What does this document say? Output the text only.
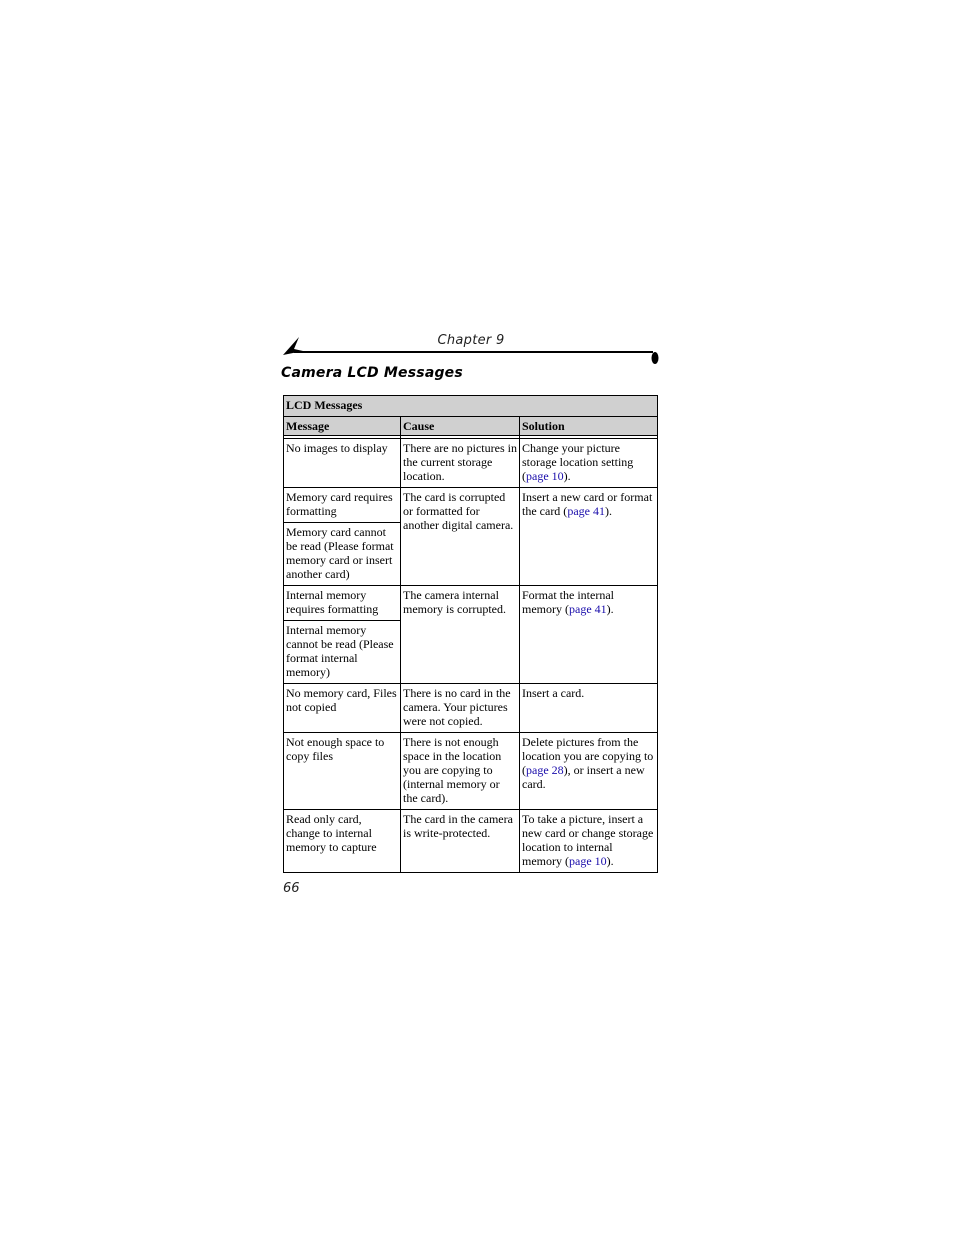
Chapter 9
Camera LCD Messages
LCD Messages		
Message	Cause	Solution

No images to display	There are no pictures in the current storage location.	Change your picture storage location setting (page 10).
Memory card requires formatting	The card is corrupted or formatted for another digital camera.	Insert a new card or format the card (page 41).
Memory card cannot be read (Please format memory card or insert another card)		
Internal memory requires formatting	The camera internal memory is corrupted.	Format the internal memory (page 41).
Internal memory cannot be read (Please format internal memory)		
No memory card, Files not copied	There is no card in the camera. Your pictures were not copied.	Insert a card.
Not enough space to copy files	There is not enough space in the location you are copying to (internal memory or the card).	Delete pictures from the location you are copying to (page 28), or insert a new card.
Read only card, change to internal memory to capture	The card in the camera is write-protected.	To take a picture, insert a new card or change storage location to internal memory (page 10).
66
